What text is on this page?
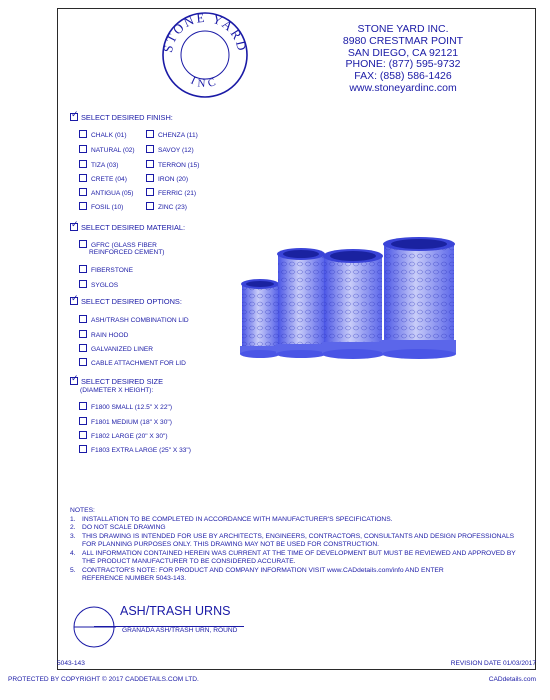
STONE YARD
INC
STONE YARD INC.
8980 CRESTMAR POINT
SAN DIEGO, CA 92121
PHONE: (877) 595-9732
FAX: (858) 586-1426
www.stoneyardinc.com
✓SELECT DESIRED FINISH:
CHALK (01)
NATURAL (02)
TIZA (03)
CRETE (04)
ANTIGUA (05)
FOSIL (10)
CHENZA (11)
SAVOY (12)
TERRON (15)
IRON (20)
FERRIC (21)
ZINC (23)
✓SELECT DESIRED MATERIAL:
GFRC (GLASS FIBER
REINFORCED CEMENT)
FIBERSTONE
SYGLOS
✓SELECT DESIRED OPTIONS:
ASH/TRASH COMBINATION LID
RAIN HOOD
GALVANIZED LINER
CABLE ATTACHMENT FOR LID
✓SELECT DESIRED SIZE
(DIAMETER X HEIGHT):
F1800 SMALL (12.5" X 22")
F1801 MEDIUM (18" X 30")
F1802 LARGE (20" X 30")
F1803 EXTRA LARGE (25" X 33")
NOTES:
1. INSTALLATION TO BE COMPLETED IN ACCORDANCE WITH MANUFACTURER'S SPECIFICATIONS.
2. DO NOT SCALE DRAWING
3. THIS DRAWING IS INTENDED FOR USE BY ARCHITECTS, ENGINEERS, CONTRACTORS, CONSULTANTS AND DESIGN PROFESSIONALS
FOR PLANNING PURPOSES ONLY. THIS DRAWING MAY NOT BE USED FOR CONSTRUCTION.
4. ALL INFORMATION CONTAINED HEREIN WAS CURRENT AT THE TIME OF DEVELOPMENT BUT MUST BE REVIEWED AND APPROVED BY
THE PRODUCT MANUFACTURER TO BE CONSIDERED ACCURATE.
5. CONTRACTOR'S NOTE: FOR PRODUCT AND COMPANY INFORMATION VISIT www.CADdetails.com/info AND ENTER
REFERENCE NUMBER 5043-143.
ASH/TRASH URNS
GRANADA ASH/TRASH URN, ROUND
5043-143	REVISION DATE 01/03/2017
PROTECTED BY COPYRIGHT © 2017 CADDETAILS.COM LTD.	CADdetails.com
